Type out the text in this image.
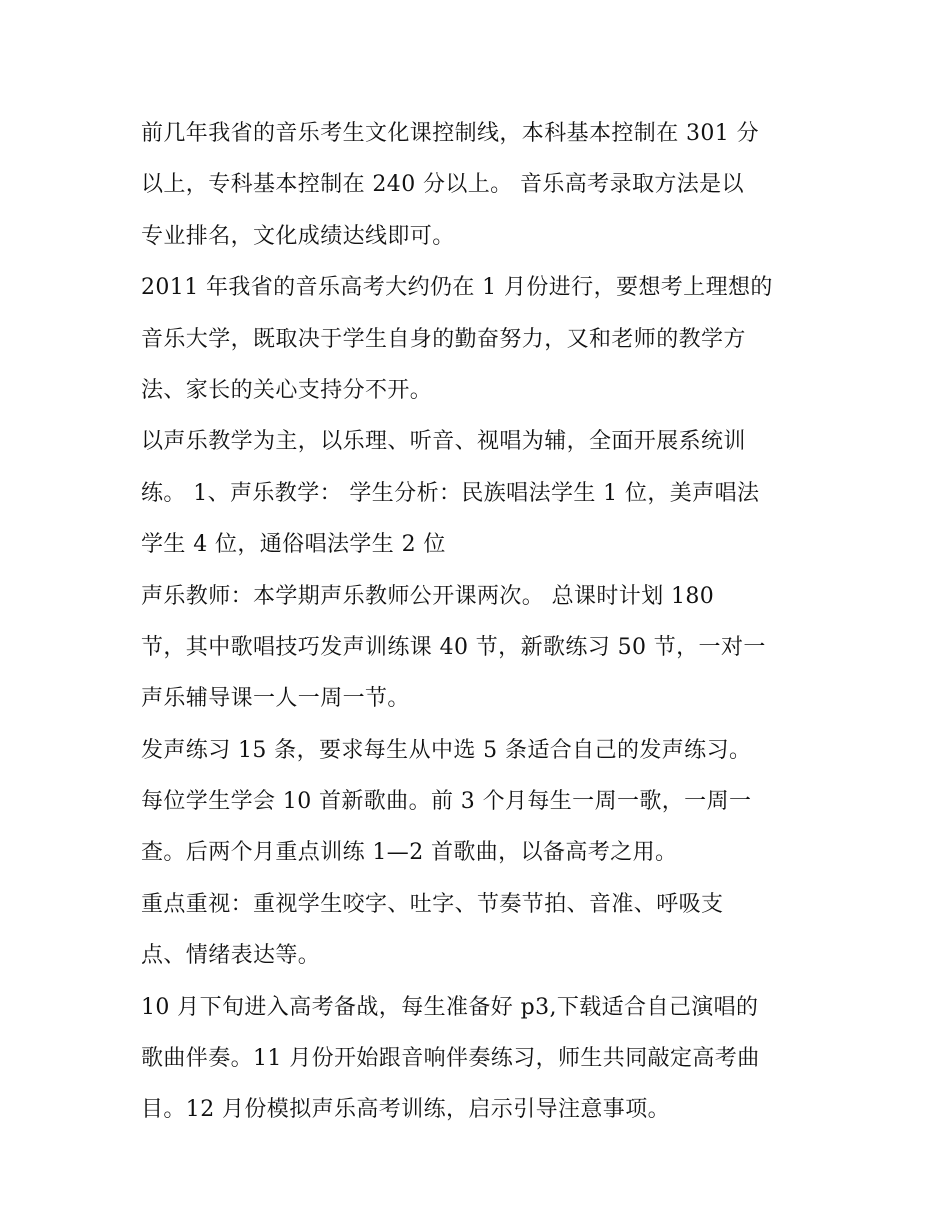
前几年我省的音乐考生文化课控制线，本科基本控制在 301 分
以上，专科基本控制在 240 分以上。 音乐高考录取方法是以
专业排名，文化成绩达线即可。

2011 年我省的音乐高考大约仍在 1 月份进行，要想考上理想的
音乐大学，既取决于学生自身的勤奋努力，又和老师的教学方
法、家长的关心支持分不开。

以声乐教学为主，以乐理、听音、视唱为辅，全面开展系统训
练。 1、声乐教学： 学生分析：民族唱法学生 1 位，美声唱法
学生 4 位，通俗唱法学生 2 位

声乐教师：本学期声乐教师公开课两次。 总课时计划 180
节，其中歌唱技巧发声训练课 40 节，新歌练习 50 节，一对一
声乐辅导课一人一周一节。

发声练习 15 条，要求每生从中选 5 条适合自己的发声练习。

每位学生学会 10 首新歌曲。前 3 个月每生一周一歌，一周一
查。后两个月重点训练 1—2 首歌曲，以备高考之用。

重点重视：重视学生咬字、吐字、节奏节拍、音准、呼吸支
点、情绪表达等。

10 月下旬进入高考备战，每生准备好 p3,下载适合自己演唱的
歌曲伴奏。11 月份开始跟音响伴奏练习，师生共同敲定高考曲
目。12 月份模拟声乐高考训练，启示引导注意事项。
